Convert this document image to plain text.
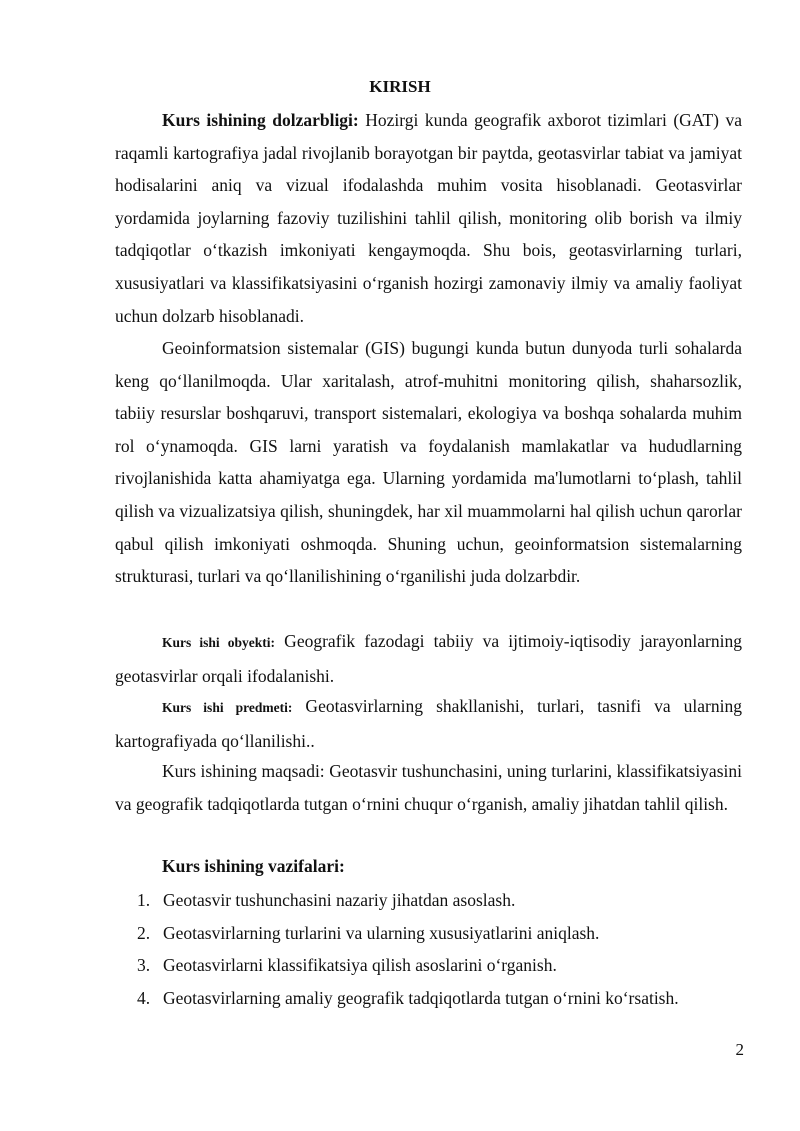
KIRISH

Kurs ishining dolzarbligi: Hozirgi kunda geografik axborot tizimlari (GAT) va raqamli kartografiya jadal rivojlanib borayotgan bir paytda, geotasvirlar tabiat va jamiyat hodisalarini aniq va vizual ifodalashda muhim vosita hisoblanadi. Geotasvirlar yordamida joylarning fazoviy tuzilishini tahlil qilish, monitoring olib borish va ilmiy tadqiqotlar o‘tkazish imkoniyati kengaymoqda. Shu bois, geotasvirlarning turlari, xususiyatlari va klassifikatsiyasini o‘rganish hozirgi zamonaviy ilmiy va amaliy faoliyat uchun dolzarb hisoblanadi.

Geoinformatsion sistemalar (GIS) bugungi kunda butun dunyoda turli sohalarda keng qo‘llanilmoqda. Ular xaritalash, atrof-muhitni monitoring qilish, shaharsozlik, tabiiy resurslar boshqaruvi, transport sistemalari, ekologiya va boshqa sohalarda muhim rol o‘ynamoqda. GIS larni yaratish va foydalanish mamlakatlar va hududlarning rivojlanishida katta ahamiyatga ega. Ularning yordamida ma'lumotlarni to‘plash, tahlil qilish va vizualizatsiya qilish, shuningdek, har xil muammolarni hal qilish uchun qarorlar qabul qilish imkoniyati oshmoqda. Shuning uchun, geoinformatsion sistemalarning strukturasi, turlari va qo‘llanilishining o‘rganilishi juda dolzarbdir.

Kurs ishi obyekti: Geografik fazodagi tabiiy va ijtimoiy-iqtisodiy jarayonlarning geotasvirlar orqali ifodalanishi.

Kurs ishi predmeti: Geotasvirlarning shakllanishi, turlari, tasnifi va ularning kartografiyada qo‘llanilishi..

Kurs ishining maqsadi: Geotasvir tushunchasini, uning turlarini, klassifikatsiyasini va geografik tadqiqotlarda tutgan o‘rnini chuqur o‘rganish, amaliy jihatdan tahlil qilish.

Kurs ishining vazifalari:

1. Geotasvir tushunchasini nazariy jihatdan asoslash.
2. Geotasvirlarning turlarini va ularning xususiyatlarini aniqlash.
3. Geotasvirlarni klassifikatsiya qilish asoslarini o‘rganish.
4. Geotasvirlarning amaliy geografik tadqiqotlarda tutgan o‘rnini ko‘rsatish.
2
